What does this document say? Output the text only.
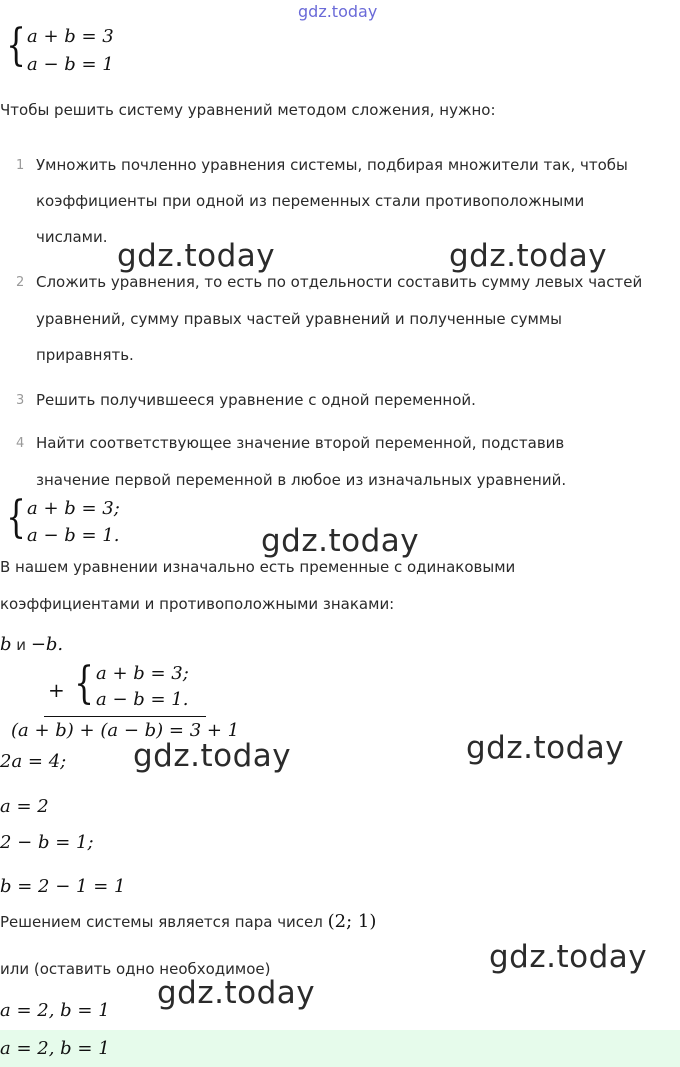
gdz.today
{ a + b = 3
a − b = 1
Чтобы решить систему уравнений методом сложения, нужно:
1 Умножить почленно уравнения системы, подбирая множители так, чтобы
коэффициенты при одной из переменных стали противоположными
числами.
2 Сложить уравнения, то есть по отдельности составить сумму левых частей
уравнений, сумму правых частей уравнений и полученные суммы
приравнять.
3 Решить получившееся уравнение с одной переменной.
4 Найти соответствующее значение второй переменной, подставив
значение первой переменной в любое из изначальных уравнений.
gdz.today	gdz.today
{ a + b = 3;
a − b = 1.	gdz.today
В нашем уравнении изначально есть пременные с одинаковыми
коэффициентами и противоположными знаками:
b и −b.
+ { a + b = 3;
a − b = 1.
(a + b) + (a − b) = 3 + 1
2a = 4; gdz.today	gdz.today
a = 2
2 − b = 1;
b = 2 − 1 = 1
Решением системы является пара чисел (2; 1)
или (оставить одно необходимое)	gdz.today
gdz.today
a = 2, b = 1
a = 2, b = 1
